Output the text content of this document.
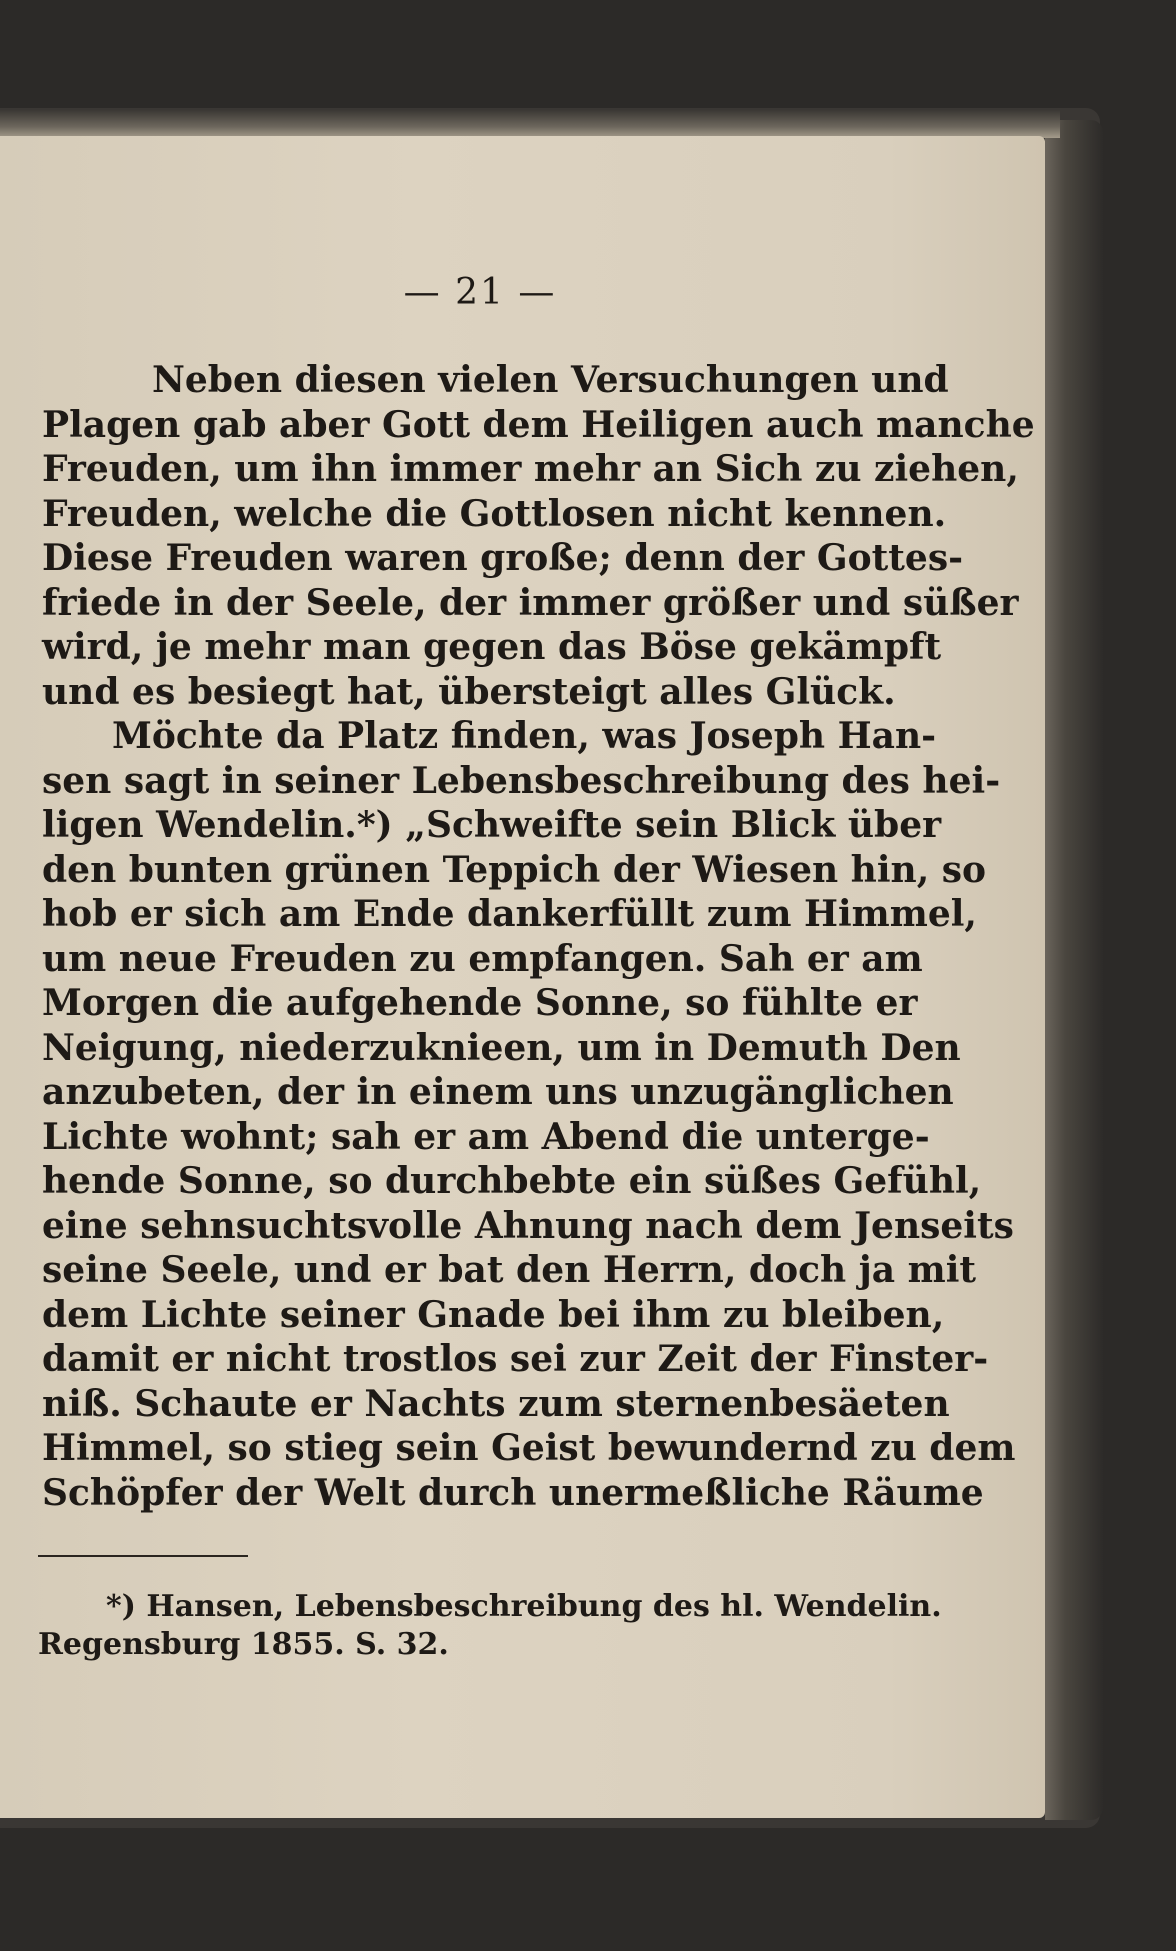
— 21 —
Neben diesen vielen Versuchungen und
Plagen gab aber Gott dem Heiligen auch manche
Freuden, um ihn immer mehr an Sich zu ziehen,
Freuden, welche die Gottlosen nicht kennen.
Diese Freuden waren große; denn der Gottes-
friede in der Seele, der immer größer und süßer
wird, je mehr man gegen das Böse gekämpft
und es besiegt hat, übersteigt alles Glück.
Möchte da Platz finden, was Joseph Han-
sen sagt in seiner Lebensbeschreibung des hei-
ligen Wendelin.*) „Schweifte sein Blick über
den bunten grünen Teppich der Wiesen hin, so
hob er sich am Ende dankerfüllt zum Himmel,
um neue Freuden zu empfangen. Sah er am
Morgen die aufgehende Sonne, so fühlte er
Neigung, niederzuknieen, um in Demuth Den
anzubeten, der in einem uns unzugänglichen
Lichte wohnt; sah er am Abend die unterge-
hende Sonne, so durchbebte ein süßes Gefühl,
eine sehnsuchtsvolle Ahnung nach dem Jenseits
seine Seele, und er bat den Herrn, doch ja mit
dem Lichte seiner Gnade bei ihm zu bleiben,
damit er nicht trostlos sei zur Zeit der Finster-
niß. Schaute er Nachts zum sternenbesäeten
Himmel, so stieg sein Geist bewundernd zu dem
Schöpfer der Welt durch unermeßliche Räume
*) Hansen, Lebensbeschreibung des hl. Wendelin.
Regensburg 1855. S. 32.
